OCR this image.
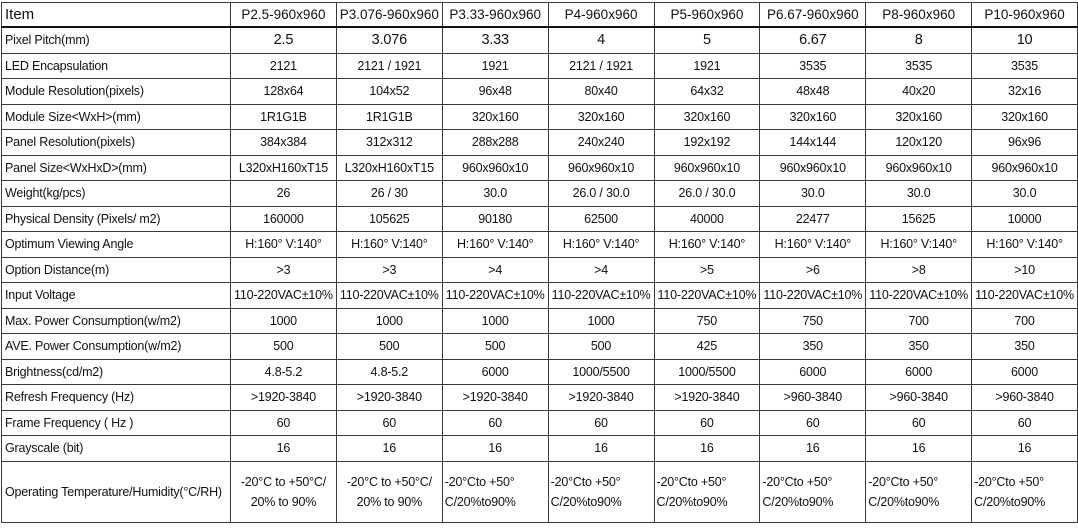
Item	P2.5-960x960	P3.076-960x960	P3.33-960x960	P4-960x960	P5-960x960	P6.67-960x960	P8-960x960	P10-960x960
Pixel Pitch(mm)	2.5	3.076	3.33	4	5	6.67	8	10
LED Encapsulation	2121	2121 / 1921	1921	2121 / 1921	1921	3535	3535	3535
Module Resolution(pixels)	128x64	104x52	96x48	80x40	64x32	48x48	40x20	32x16
Module Size<WxH>(mm)	1R1G1B	1R1G1B	320x160	320x160	320x160	320x160	320x160	320x160
Panel Resolution(pixels)	384x384	312x312	288x288	240x240	192x192	144x144	120x120	96x96
Panel Size<WxHxD>(mm)	L320xH160xT15	L320xH160xT15	960x960x10	960x960x10	960x960x10	960x960x10	960x960x10	960x960x10
Weight(kg/pcs)	26	26 / 30	30.0	26.0 / 30.0	26.0 / 30.0	30.0	30.0	30.0
Physical Density (Pixels/ m2)	160000	105625	90180	62500	40000	22477	15625	10000
Optimum Viewing Angle	H:160° V:140°	H:160° V:140°	H:160° V:140°	H:160° V:140°	H:160° V:140°	H:160° V:140°	H:160° V:140°	H:160° V:140°
Option Distance(m)	>3	>3	>4	>4	>5	>6	>8	>10
Input Voltage	110-220VAC±10%	110-220VAC±10%	110-220VAC±10%	110-220VAC±10%	110-220VAC±10%	110-220VAC±10%	110-220VAC±10%	110-220VAC±10%
Max. Power Consumption(w/m2)	1000	1000	1000	1000	750	750	700	700
AVE. Power Consumption(w/m2)	500	500	500	500	425	350	350	350
Brightness(cd/m2)	4.8-5.2	4.8-5.2	6000	1000/5500	1000/5500	6000	6000	6000
Refresh Frequency (Hz)	>1920-3840	>1920-3840	>1920-3840	>1920-3840	>1920-3840	>960-3840	>960-3840	>960-3840
Frame Frequency ( Hz )	60	60	60	60	60	60	60	60
Grayscale (bit)	16	16	16	16	16	16	16	16
Operating Temperature/Humidity(°C/RH)	-20°C to +50°C/ 20% to 90%	-20°C to +50°C/ 20% to 90%	-20°Cto +50° C/20%to90%	-20°Cto +50° C/20%to90%	-20°Cto +50° C/20%to90%	-20°Cto +50° C/20%to90%	-20°Cto +50° C/20%to90%	-20°Cto +50° C/20%to90%
